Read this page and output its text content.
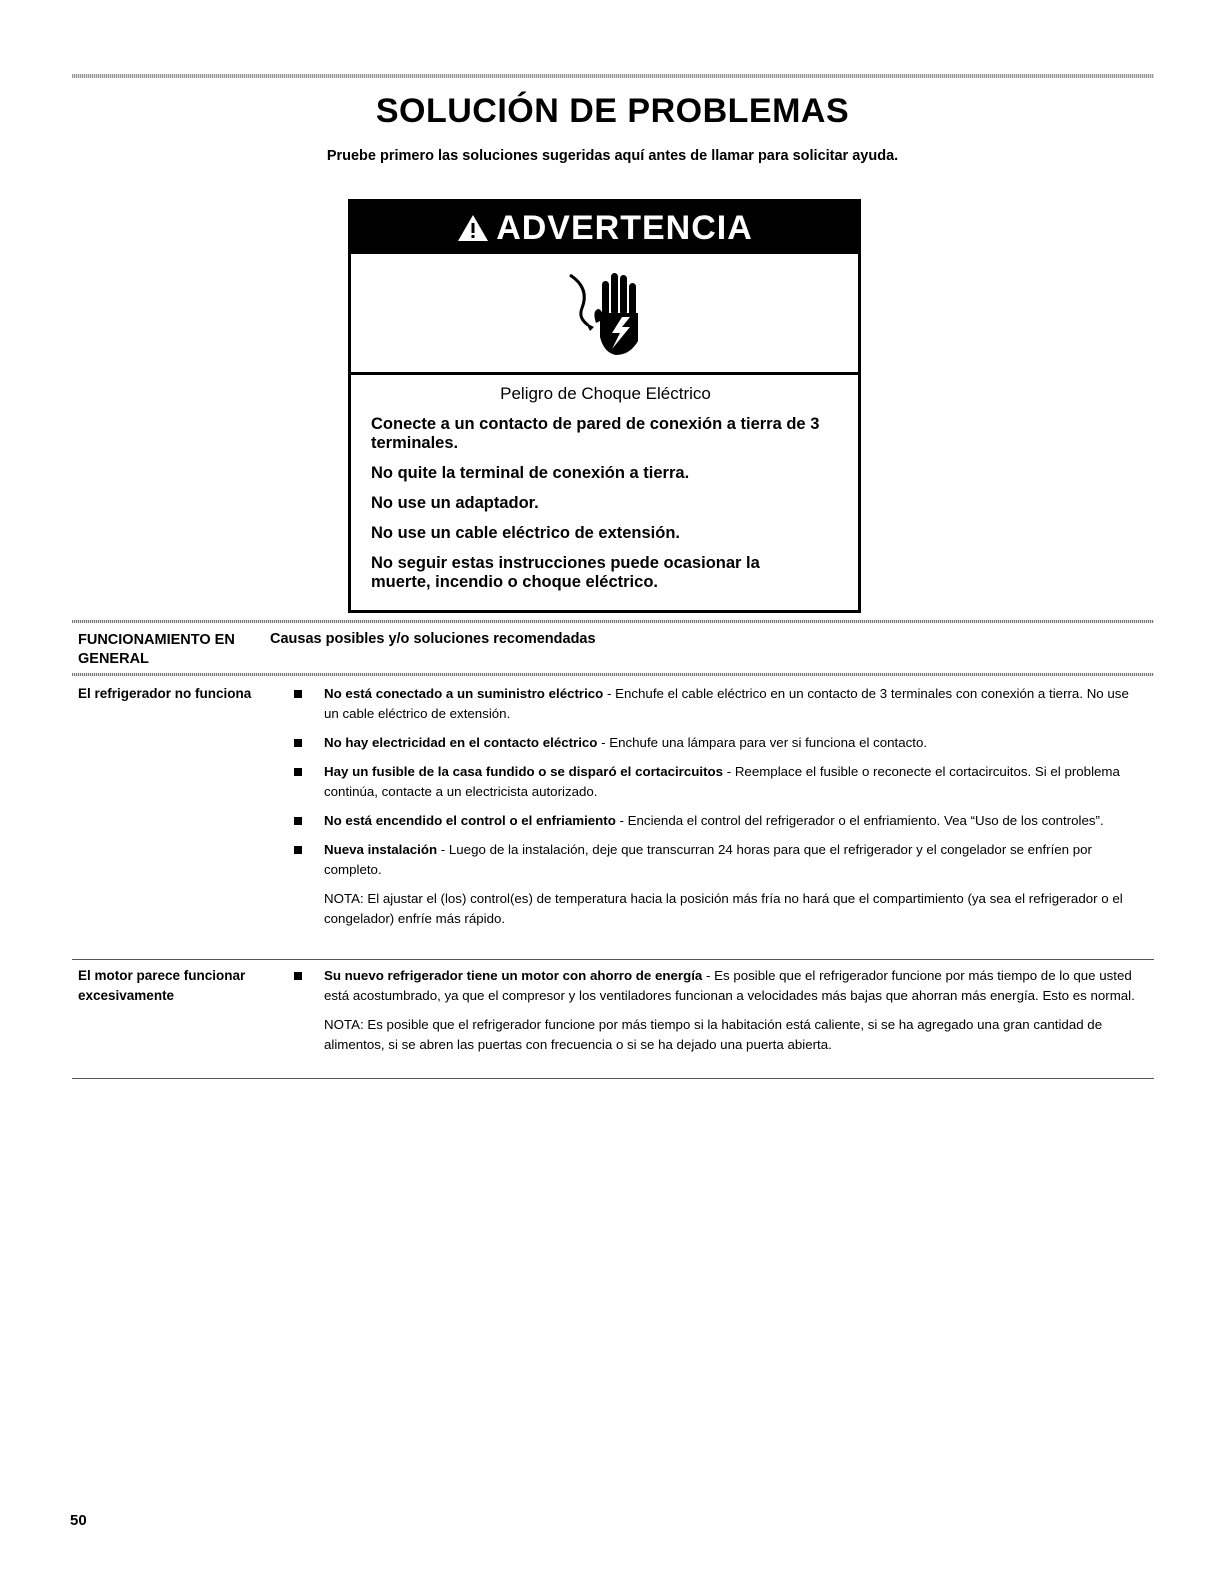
SOLUCIÓN DE PROBLEMAS
Pruebe primero las soluciones sugeridas aquí antes de llamar para solicitar ayuda.
ADVERTENCIA
Peligro de Choque Eléctrico
Conecte a un contacto de pared de conexión a tierra de 3 terminales.
No quite la terminal de conexión a tierra.
No use un adaptador.
No use un cable eléctrico de extensión.
No seguir estas instrucciones puede ocasionar la muerte, incendio o choque eléctrico.
FUNCIONAMIENTO EN GENERAL
Causas posibles y/o soluciones recomendadas
El refrigerador no funciona	No está conectado a un suministro eléctrico - Enchufe el cable eléctrico en un contacto de 3 terminales con conexión a tierra. No use un cable eléctrico de extensión.
No hay electricidad en el contacto eléctrico - Enchufe una lámpara para ver si funciona el contacto.
Hay un fusible de la casa fundido o se disparó el cortacircuitos - Reemplace el fusible o reconecte el cortacircuitos. Si el problema continúa, contacte a un electricista autorizado.
No está encendido el control o el enfriamiento - Encienda el control del refrigerador o el enfriamiento. Vea “Uso de los controles”.
Nueva instalación - Luego de la instalación, deje que transcurran 24 horas para que el refrigerador y el congelador se enfríen por completo.
NOTA: El ajustar el (los) control(es) de temperatura hacia la posición más fría no hará que el compartimiento (ya sea el refrigerador o el congelador) enfríe más rápido.
El motor parece funcionar excesivamente
Su nuevo refrigerador tiene un motor con ahorro de energía - Es posible que el refrigerador funcione por más tiempo de lo que usted está acostumbrado, ya que el compresor y los ventiladores funcionan a velocidades más bajas que ahorran más energía. Esto es normal.
NOTA: Es posible que el refrigerador funcione por más tiempo si la habitación está caliente, si se ha agregado una gran cantidad de alimentos, si se abren las puertas con frecuencia o si se ha dejado una puerta abierta.
50
